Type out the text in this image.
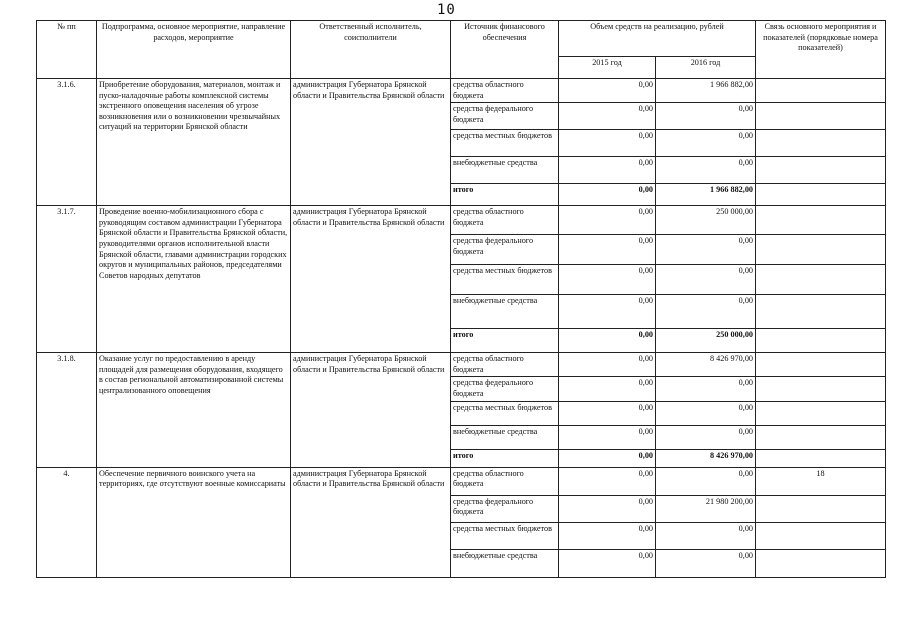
10
№ пп	Подпрограмма, основное мероприятие, направление расходов, мероприятие	Ответственный исполнитель, соисполнители	Источник финансового обеспечения	Объем средств на реализацию, рублей		Связь основного мероприятия и показателей (порядковые номера показателей)
				2015 год	2016 год	
3.1.6.	Приобретение оборудования, материалов, монтаж и пуско-наладочные работы комплексной системы экстренного оповещения населения об угрозе возникновения или о возникновении чрезвычайных ситуаций на территории Брянской области	администрация Губернатора Брянской области и Правительства Брянской области	средства областного бюджета	0,00	1 966 882,00	
			средства федерального бюджета	0,00	0,00	
			средства местных бюджетов	0,00	0,00	
			внебюджетные средства	0,00	0,00	
			итого	0,00	1 966 882,00	
3.1.7.	Проведение военно-мобилизационного сбора с руководящим составом администрации Губернатора Брянской области и Правительства Брянской области, руководителями органов исполнительной власти Брянской области, главами администрации городских округов и муниципальных районов, председателями Советов народных депутатов	администрация Губернатора Брянской области и Правительства Брянской области	средства областного бюджета	0,00	250 000,00	
			средства федерального бюджета	0,00	0,00	
			средства местных бюджетов	0,00	0,00	
			внебюджетные средства	0,00	0,00	
			итого	0,00	250 000,00	
3.1.8.	Оказание услуг по предоставлению в аренду площадей для размещения оборудования, входящего в состав региональной автоматизированной системы централизованного оповещения	администрация Губернатора Брянской области и Правительства Брянской области	средства областного бюджета	0,00	8 426 970,00	
			средства федерального бюджета	0,00	0,00	
			средства местных бюджетов	0,00	0,00	
			внебюджетные средства	0,00	0,00	
			итого	0,00	8 426 970,00	
4.	Обеспечение первичного воинского учета на территориях, где отсутствуют военные комиссариаты	администрация Губернатора Брянской области и Правительства Брянской области	средства областного бюджета	0,00	0,00	18
			средства федерального бюджета	0,00	21 980 200,00	
			средства местных бюджетов	0,00	0,00	
			внебюджетные средства	0,00	0,00	
